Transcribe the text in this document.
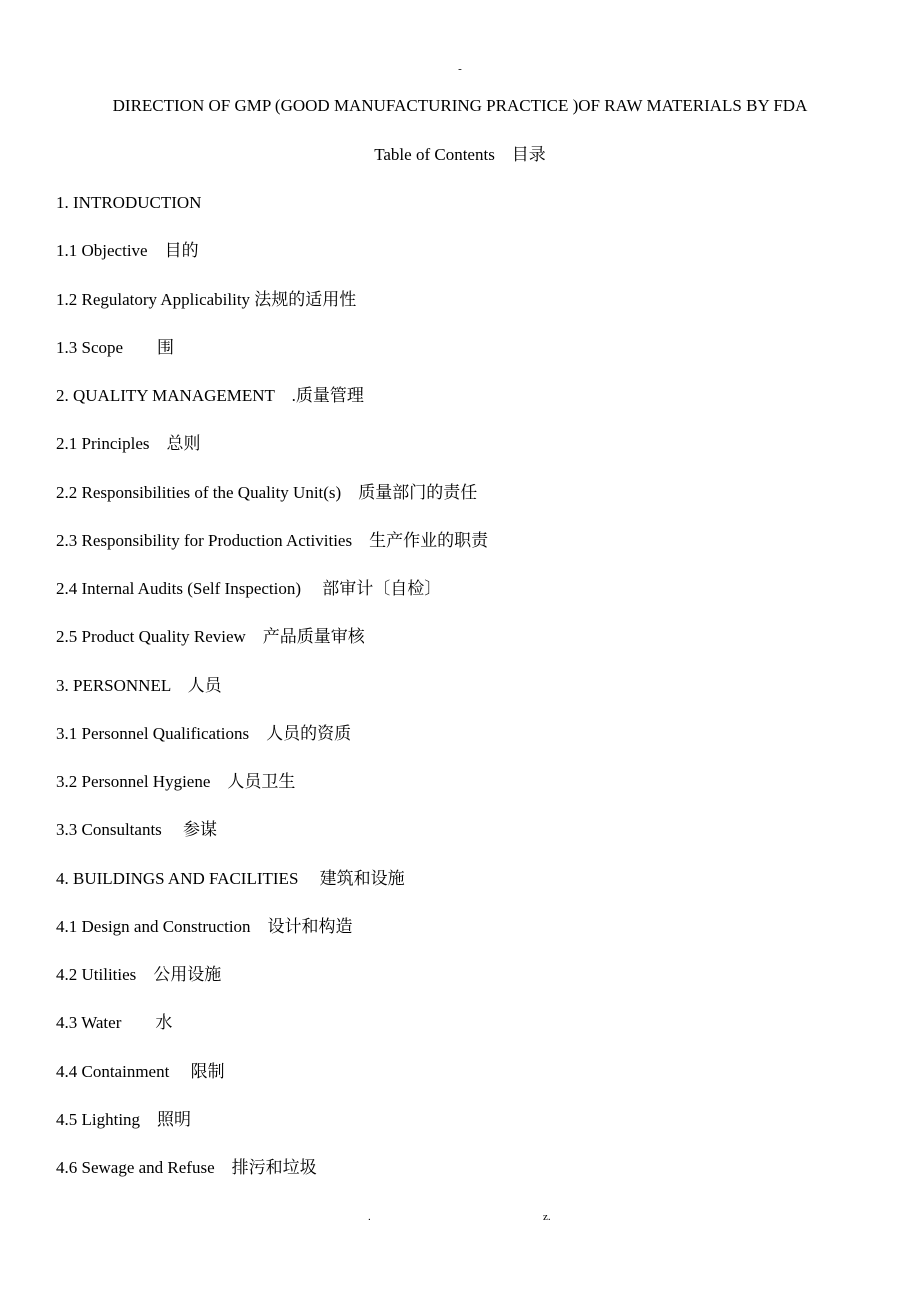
-
DIRECTION OF GMP (GOOD MANUFACTURING PRACTICE )OF RAW MATERIALS BY FDA
Table of Contents　目录
1. INTRODUCTION
1.1 Objective　目的
1.2 Regulatory Applicability 法规的适用性
1.3 Scope　　围
2. QUALITY MANAGEMENT　.质量管理
2.1 Principles　总则
2.2 Responsibilities of the Quality Unit(s)　质量部门的责任
2.3 Responsibility for Production Activities　生产作业的职责
2.4 Internal Audits (Self Inspection)　 部审计〔自检〕
2.5 Product Quality Review　产品质量审核
3. PERSONNEL　人员
3.1 Personnel Qualifications　人员的资质
3.2 Personnel Hygiene　人员卫生
3.3 Consultants　 参谋
4. BUILDINGS AND FACILITIES　 建筑和设施
4.1 Design and Construction　设计和构造
4.2 Utilities　公用设施
4.3 Water　　水
4.4 Containment　 限制
4.5 Lighting　照明
4.6 Sewage and Refuse　排污和垃圾
.	z.
